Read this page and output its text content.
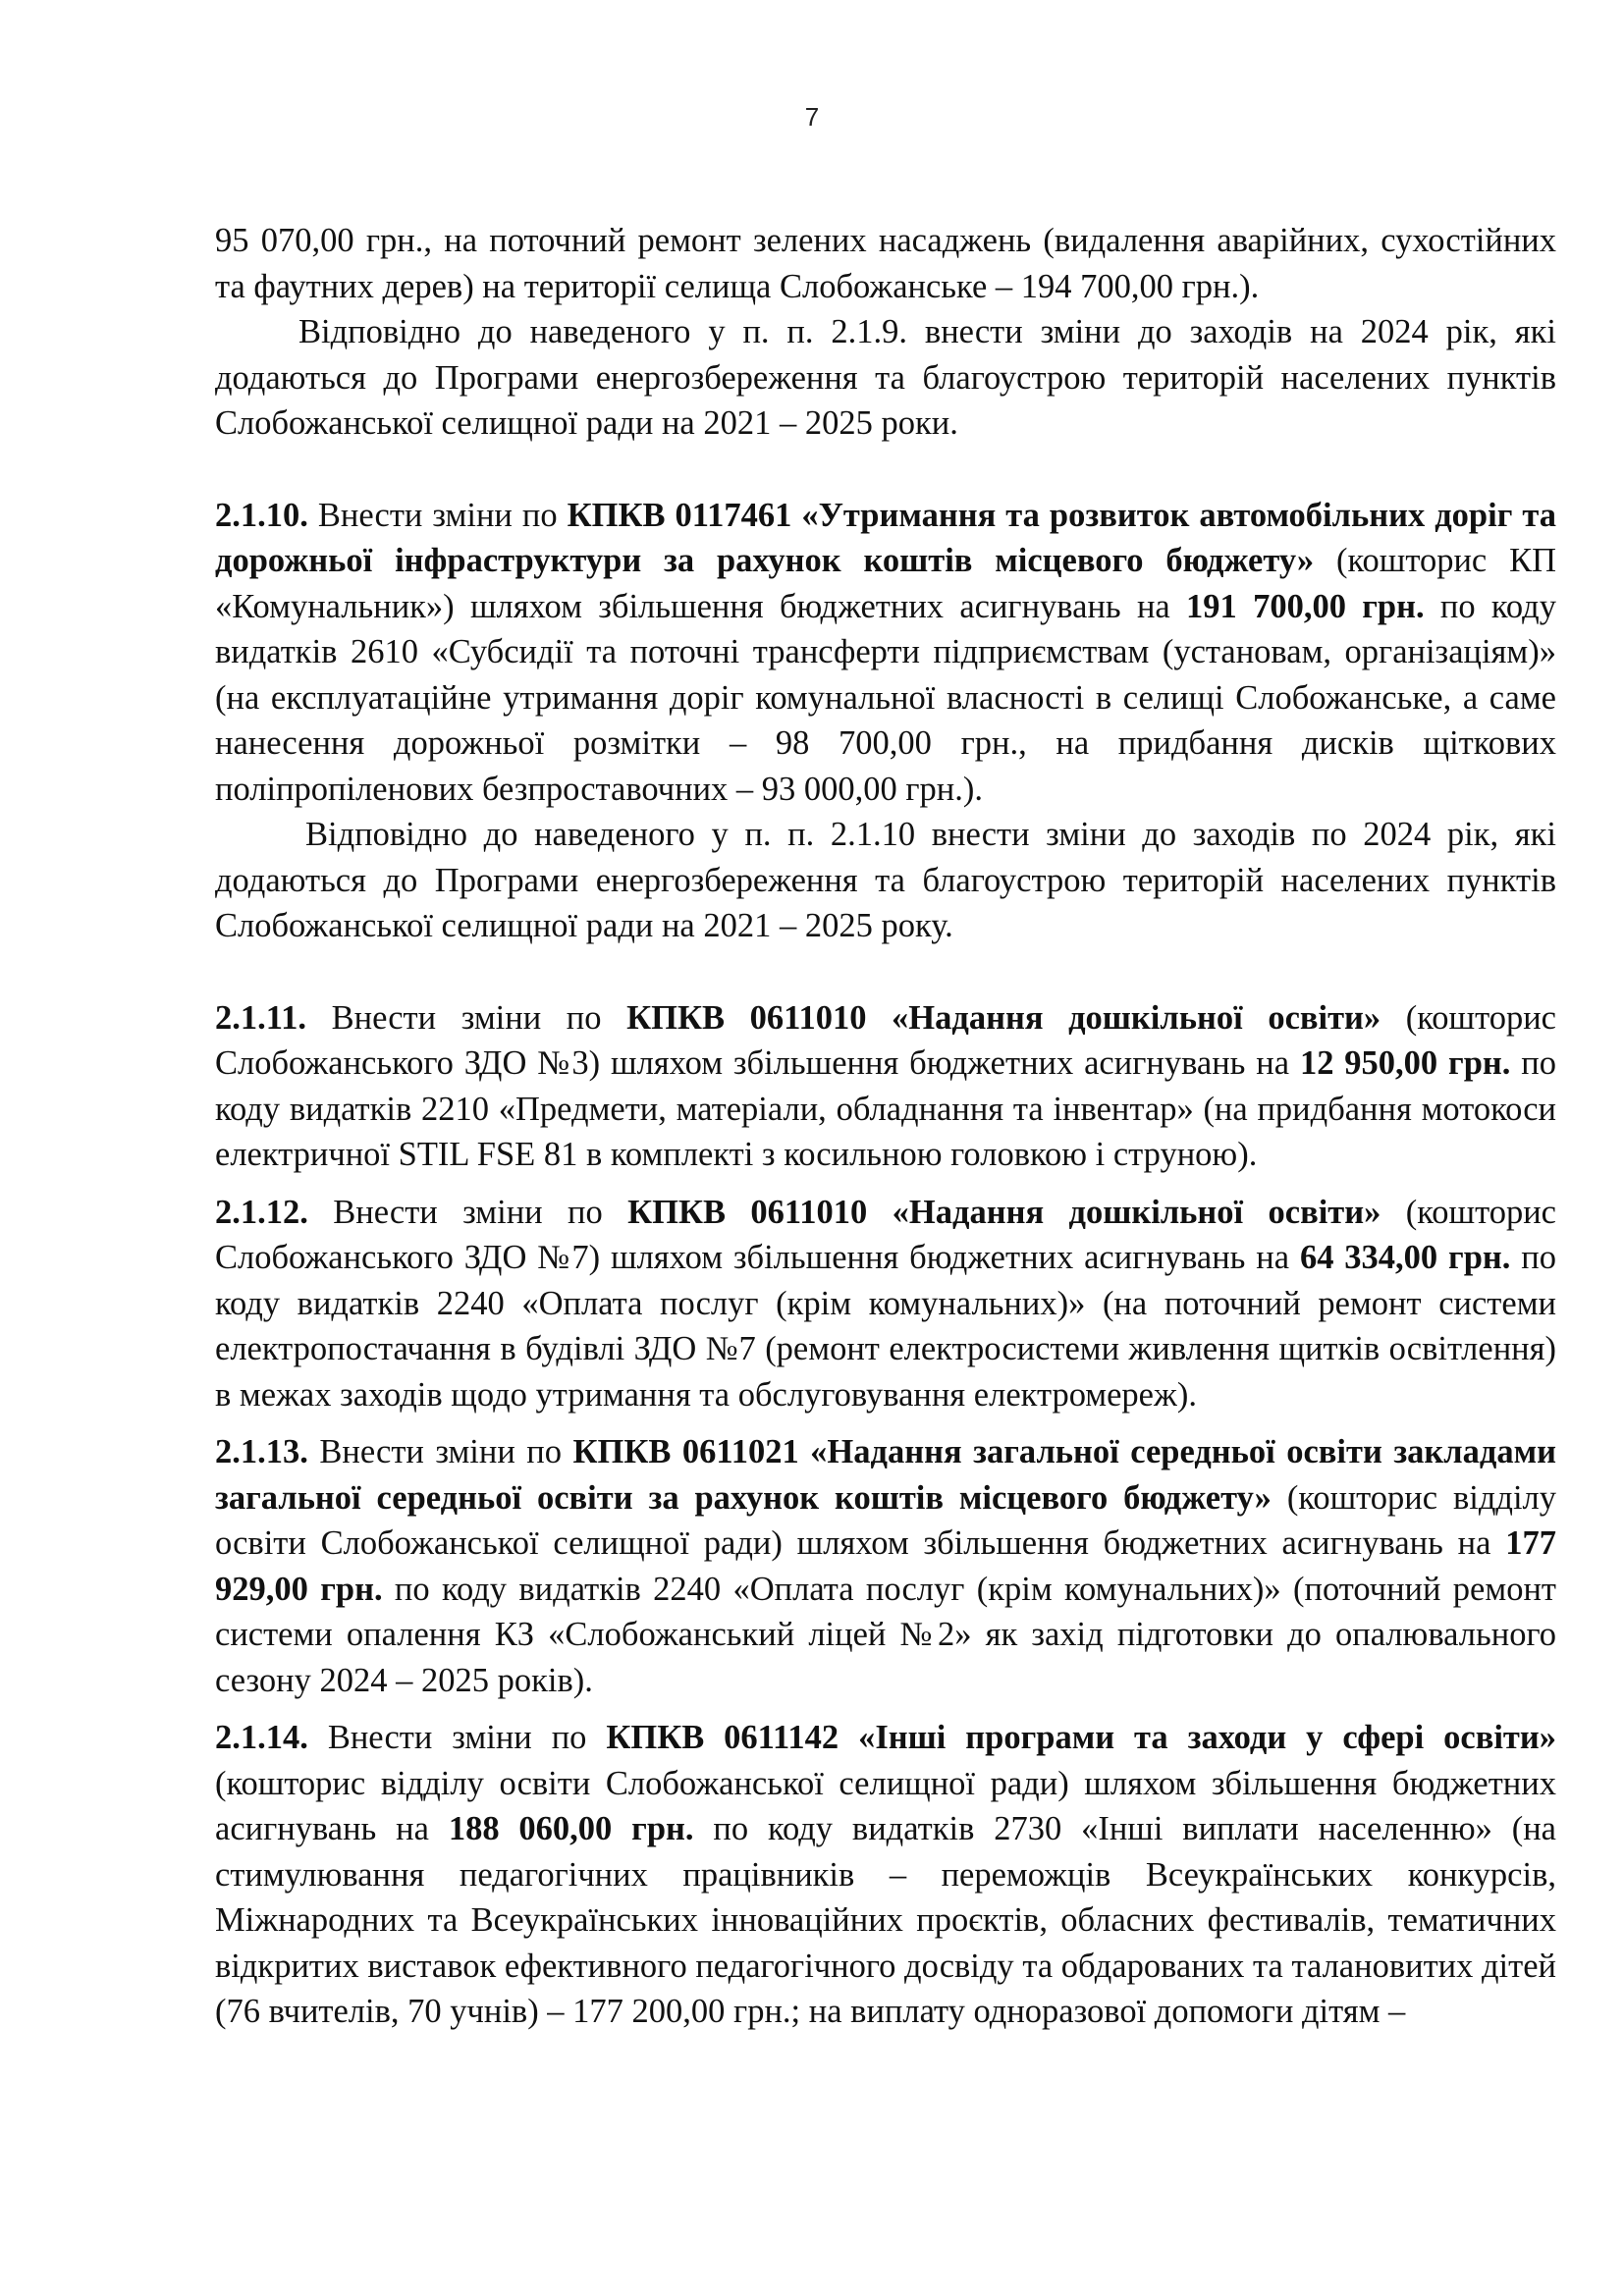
7

95 070,00 грн., на поточний ремонт зелених насаджень (видалення аварійних, сухостійних та фаутних дерев) на території селища Слобожанське – 194 700,00 грн.).

Відповідно до наведеного у п. п. 2.1.9. внести зміни до заходів на 2024 рік, які додаються до Програми енергозбереження та благоустрою територій населених пунктів Слобожанської селищної ради на 2021 – 2025 роки.

2.1.10. Внести зміни по КПКВ 0117461 «Утримання та розвиток автомобільних доріг та дорожньої інфраструктури за рахунок коштів місцевого бюджету» (кошторис КП «Комунальник») шляхом збільшення бюджетних асигнувань на 191 700,00 грн. по коду видатків 2610 «Субсидії та поточні трансферти підприємствам (установам, організаціям)» (на експлуатаційне утримання доріг комунальної власності в селищі Слобожанське, а саме нанесення дорожньої розмітки – 98 700,00 грн., на придбання дисків щіткових поліпропіленових безпроставочних – 93 000,00 грн.).

Відповідно до наведеного у п. п. 2.1.10 внести зміни до заходів по 2024 рік, які додаються до Програми енергозбереження та благоустрою територій населених пунктів Слобожанської селищної ради на 2021 – 2025 року.

2.1.11. Внести зміни по КПКВ 0611010 «Надання дошкільної освіти» (кошторис Слобожанського ЗДО №3) шляхом збільшення бюджетних асигнувань на 12 950,00 грн. по коду видатків 2210 «Предмети, матеріали, обладнання та інвентар» (на придбання мотокоси електричної STIL FSE 81 в комплекті з косильною головкою і струною).

2.1.12. Внести зміни по КПКВ 0611010 «Надання дошкільної освіти» (кошторис Слобожанського ЗДО №7) шляхом збільшення бюджетних асигнувань на 64 334,00 грн. по коду видатків 2240 «Оплата послуг (крім комунальних)» (на поточний ремонт системи електропостачання в будівлі ЗДО №7 (ремонт електросистеми живлення щитків освітлення) в межах заходів щодо утримання та обслуговування електромереж).

2.1.13. Внести зміни по КПКВ 0611021 «Надання загальної середньої освіти закладами загальної середньої освіти за рахунок коштів місцевого бюджету» (кошторис відділу освіти Слобожанської селищної ради) шляхом збільшення бюджетних асигнувань на 177 929,00 грн. по коду видатків 2240 «Оплата послуг (крім комунальних)» (поточний ремонт системи опалення КЗ «Слобожанський ліцей №2» як захід підготовки до опалювального сезону 2024 – 2025 років).

2.1.14. Внести зміни по КПКВ 0611142 «Інші програми та заходи у сфері освіти» (кошторис відділу освіти Слобожанської селищної ради) шляхом збільшення бюджетних асигнувань на 188 060,00 грн. по коду видатків 2730 «Інші виплати населенню» (на стимулювання педагогічних працівників – переможців Всеукраїнських конкурсів, Міжнародних та Всеукраїнських інноваційних проєктів, обласних фестивалів, тематичних відкритих виставок ефективного педагогічного досвіду та обдарованих та талановитих дітей (76 вчителів, 70 учнів) – 177 200,00 грн.; на виплату одноразової допомоги дітям –
